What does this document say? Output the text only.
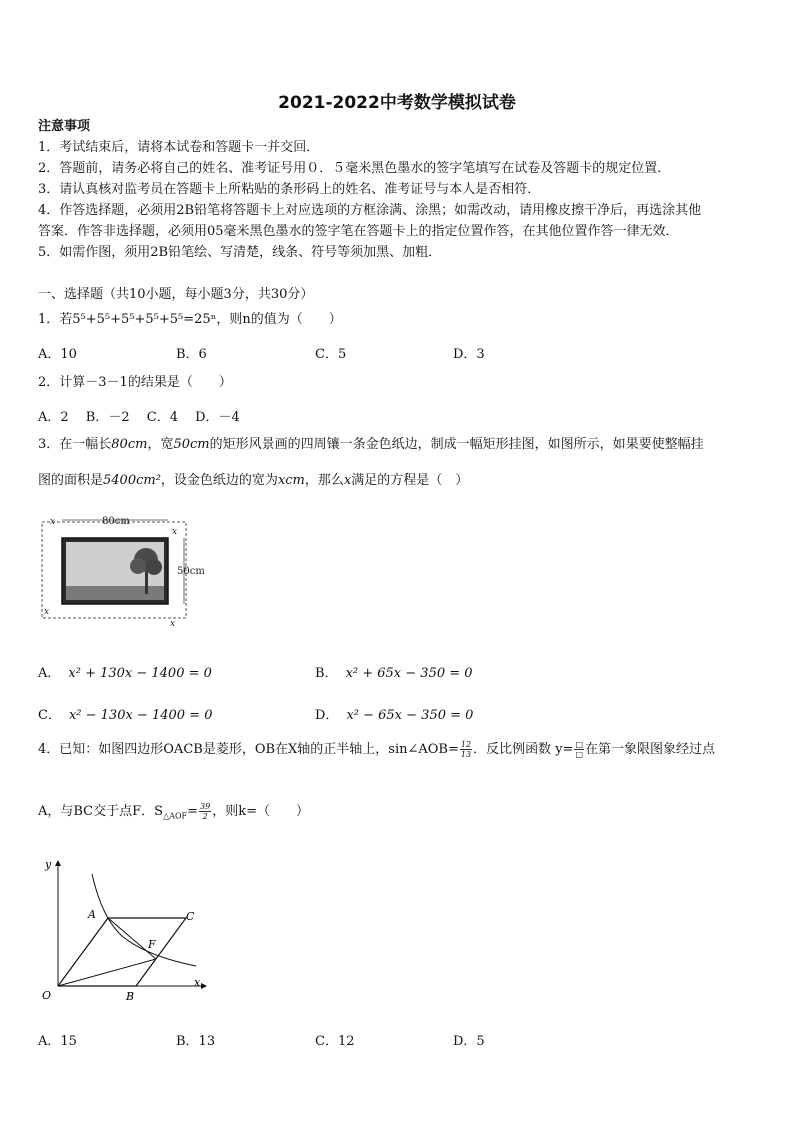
2021-2022中考数学模拟试卷
注意事项
1．考试结束后，请将本试卷和答题卡一并交回．
2．答题前，请务必将自己的姓名、准考证号用０．５毫米黑色墨水的签字笔填写在试卷及答题卡的规定位置．
3．请认真核对监考员在答题卡上所粘贴的条形码上的姓名、准考证号与本人是否相符．
4．作答选择题，必须用2B铅笔将答题卡上对应选项的方框涂满、涂黑；如需改动，请用橡皮擦干净后，再选涂其他
答案．作答非选择题，必须用05毫米黑色墨水的签字笔在答题卡上的指定位置作答，在其他位置作答一律无效．
5．如需作图，须用2B铅笔绘、写清楚，线条、符号等须加黑、加粗．
一、选择题（共10小题，每小题3分，共30分）
1．若5⁵+5⁵+5⁵+5⁵+5⁵=25ⁿ，则n的值为（　　）
A．10	B．6	C．5	D．3
2．计算－3－1的结果是（　　）
A．2　 B．－2　 C．4　 D．－4
3．在一幅长80cm，宽50cm的矩形风景画的四周镶一条金色纸边，制成一幅矩形挂图，如图所示，如果要使整幅挂
图的面积是5400cm²，设金色纸边的宽为xcm，那么x满足的方程是（　）
80cm
x
x
50cm
x
x
A． x² + 130x − 1400 = 0	B． x² + 65x − 350 = 0
C． x² − 130x − 1400 = 0	D． x² − 65x − 350 = 0
4．已知：如图四边形OACB是菱形，OB在X轴的正半轴上，sin∠AOB= $\frac{12}{13}$ ．反比例函数 $y= \frac{□}{□}$ 在第一象限图象经过点
A，与BC交于点F．$S_{\triangle AOF}= \frac{39}{2}$ ，则k=（　　）
y
x
O
A	C
F
B
A．15	B．13	C．12	D．5
